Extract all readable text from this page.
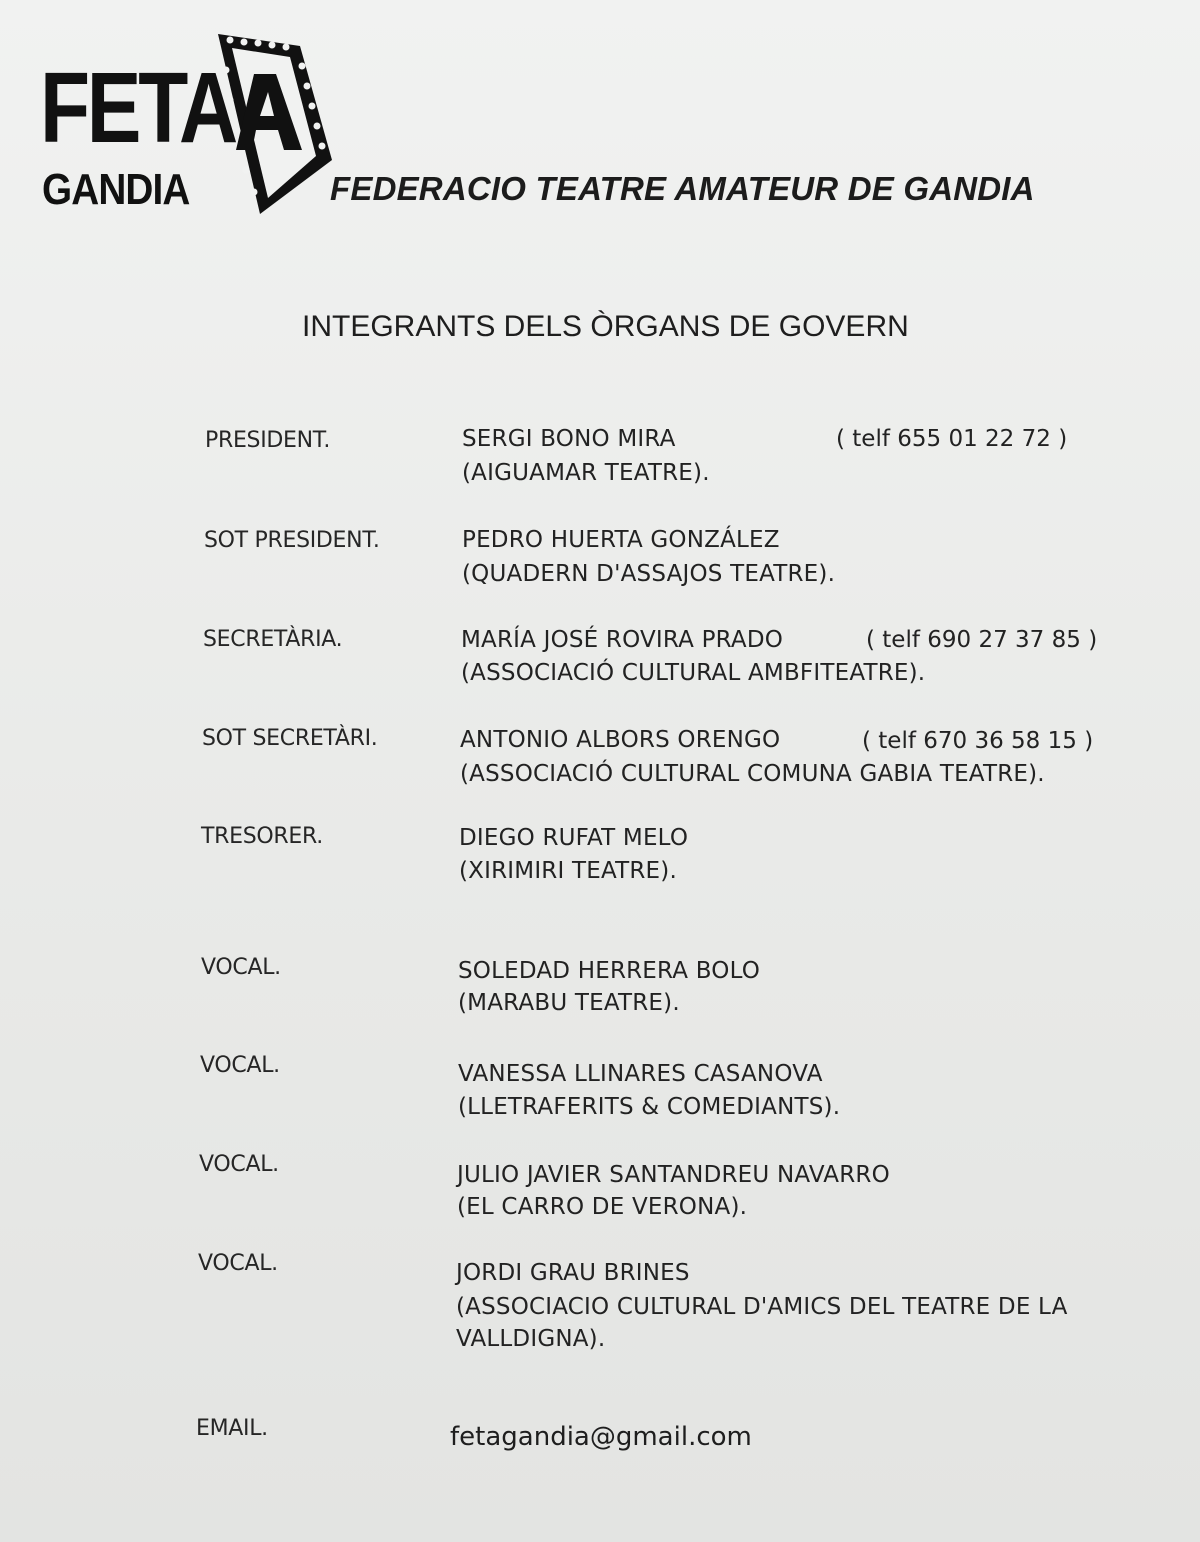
FETA
GANDIA	FEDERACIO TEATRE AMATEUR DE GANDIA
INTEGRANTS DELS ÒRGANS DE GOVERN
PRESIDENT.	SERGI BONO MIRA	( telf 655 01 22 72 )
(AIGUAMAR TEATRE).
SOT PRESIDENT.	PEDRO HUERTA GONZÁLEZ
(QUADERN D'ASSAJOS TEATRE).
SECRETÀRIA.	MARÍA JOSÉ ROVIRA PRADO	( telf 690 27 37 85 )
(ASSOCIACIÓ CULTURAL AMBFITEATRE).
SOT SECRETÀRI.	ANTONIO ALBORS ORENGO	( telf 670 36 58 15 )
(ASSOCIACIÓ CULTURAL COMUNA GABIA TEATRE).
TRESORER.	DIEGO RUFAT MELO
(XIRIMIRI TEATRE).
VOCAL.	SOLEDAD HERRERA BOLO
(MARABU TEATRE).
VOCAL.	VANESSA LLINARES CASANOVA
(LLETRAFERITS & COMEDIANTS).
VOCAL.	JULIO JAVIER SANTANDREU NAVARRO
(EL CARRO DE VERONA).
VOCAL.	JORDI GRAU BRINES
(ASSOCIACIO CULTURAL D'AMICS DEL TEATRE DE LA
VALLDIGNA).
EMAIL.	fetagandia@gmail.com
